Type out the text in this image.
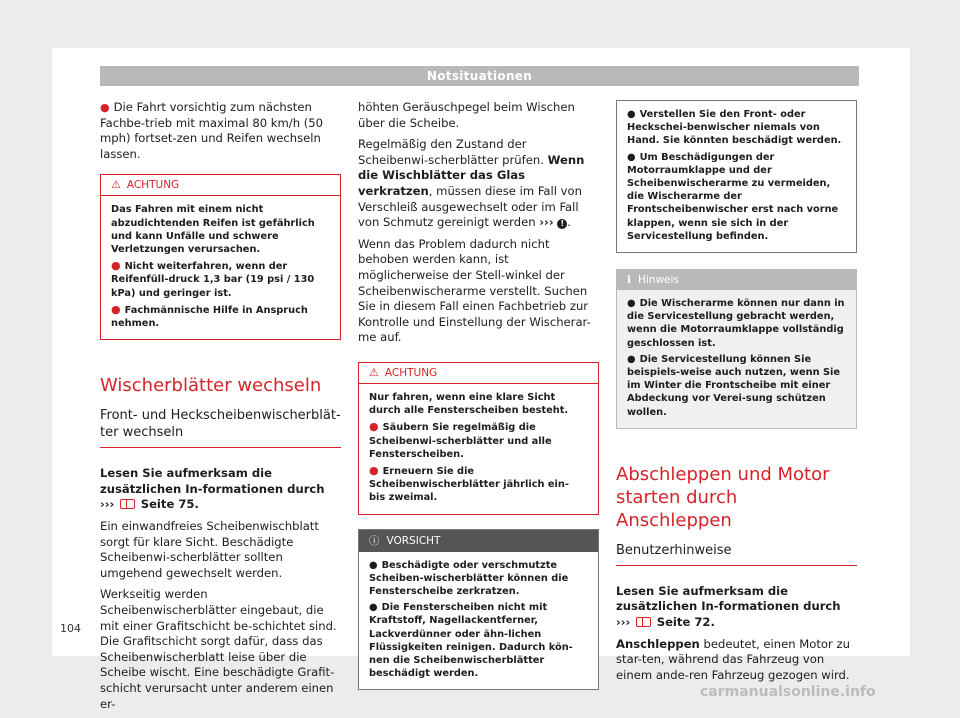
Notsituationen

● Die Fahrt vorsichtig zum nächsten Fachbe-trieb mit maximal 80 km/h (50 mph) fortset-zen und Reifen wechseln lassen.

⚠ ACHTUNG
Das Fahren mit einem nicht abzudichtenden Reifen ist gefährlich und kann Unfälle und schwere Verletzungen verursachen.
● Nicht weiterfahren, wenn der Reifenfüll-druck 1,3 bar (19 psi / 130 kPa) und geringer ist.
● Fachmännische Hilfe in Anspruch nehmen.
Wischerblätter wechseln
Front- und Heckscheibenwischerblät-ter wechseln

Lesen Sie aufmerksam die zusätzlichen In-formationen durch ››› Seite 75.

Ein einwandfreies Scheibenwischblatt sorgt für klare Sicht. Beschädigte Scheibenwi-scherblätter sollten umgehend gewechselt werden.

Werkseitig werden Scheibenwischerblätter eingebaut, die mit einer Grafitschicht be-schichtet sind. Die Grafitschicht sorgt dafür, dass das Scheibenwischerblatt leise über die Scheibe wischt. Eine beschädigte Grafit-schicht verursacht unter anderem einen er-

höhten Geräuschpegel beim Wischen über die Scheibe.

Regelmäßig den Zustand der Scheibenwi-scherblätter prüfen. Wenn die Wischblätter das Glas verkratzen, müssen diese im Fall von Verschleiß ausgewechselt oder im Fall von Schmutz gereinigt werden ››› ! .

Wenn das Problem dadurch nicht behoben werden kann, ist möglicherweise der Stell-winkel der Scheibenwischerarme verstellt. Suchen Sie in diesem Fall einen Fachbetrieb zur Kontrolle und Einstellung der Wischerar-me auf.

⚠ ACHTUNG
Nur fahren, wenn eine klare Sicht durch alle Fensterscheiben besteht.
● Säubern Sie regelmäßig die Scheibenwi-scherblätter und alle Fensterscheiben.
● Erneuern Sie die Scheibenwischerblätter jährlich ein- bis zweimal.
ⓘ VORSICHT
● Beschädigte oder verschmutzte Scheiben-wischerblätter können die Fensterscheibe zerkratzen.
● Die Fensterscheiben nicht mit Kraftstoff, Nagellackentferner, Lackverdünner oder ähn-lichen Flüssigkeiten reinigen. Dadurch kön-nen die Scheibenwischerblätter beschädigt werden.
● Verstellen Sie den Front- oder Heckschei-benwischer niemals von Hand. Sie könnten beschädigt werden.
● Um Beschädigungen der Motorraumklappe und der Scheibenwischerarme zu vermeiden, die Wischerarme der Frontscheibenwischer erst nach vorne klappen, wenn sie sich in der Servicestellung befinden.
ℹ Hinweis
● Die Wischerarme können nur dann in die Servicestellung gebracht werden, wenn die Motorraumklappe vollständig geschlossen ist.
● Die Servicestellung können Sie beispiels-weise auch nutzen, wenn Sie im Winter die Frontscheibe mit einer Abdeckung vor Verei-sung schützen wollen.
Abschleppen und Motor starten durch Anschleppen
Benutzerhinweise

Lesen Sie aufmerksam die zusätzlichen In-formationen durch ››› Seite 72.

Anschleppen bedeutet, einen Motor zu star-ten, während das Fahrzeug von einem ande-ren Fahrzeug gezogen wird.

104
carmanualsonline.info
